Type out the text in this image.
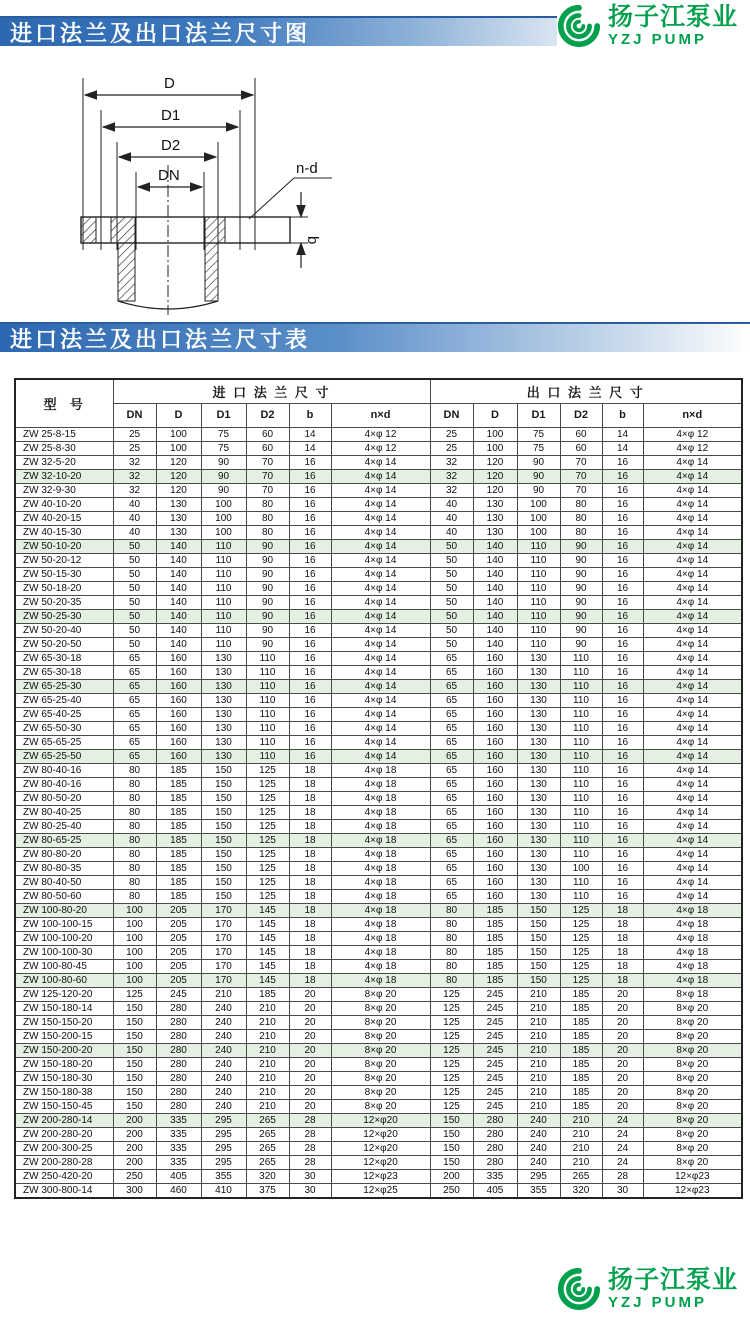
进口法兰及出口法兰尺寸图
扬子江泵业
YZJ PUMP
D
D1
D2
DN	n-d
b
进口法兰及出口法兰尺寸表
型  号	进 口 法 兰 尺 寸						出 口 法 兰 尺 寸					
	DN	D	D1	D2	b	n×d	DN	D	D1	D2	b	n×d
ZW 25-8-15	25	100	75	60	14	4×φ 12	25	100	75	60	14	4×φ 12
ZW 25-8-30	25	100	75	60	14	4×φ 12	25	100	75	60	14	4×φ 12
ZW 32-5-20	32	120	90	70	16	4×φ 14	32	120	90	70	16	4×φ 14
ZW 32-10-20	32	120	90	70	16	4×φ 14	32	120	90	70	16	4×φ 14
ZW 32-9-30	32	120	90	70	16	4×φ 14	32	120	90	70	16	4×φ 14
ZW 40-10-20	40	130	100	80	16	4×φ 14	40	130	100	80	16	4×φ 14
ZW 40-20-15	40	130	100	80	16	4×φ 14	40	130	100	80	16	4×φ 14
ZW 40-15-30	40	130	100	80	16	4×φ 14	40	130	100	80	16	4×φ 14
ZW 50-10-20	50	140	110	90	16	4×φ 14	50	140	110	90	16	4×φ 14
ZW 50-20-12	50	140	110	90	16	4×φ 14	50	140	110	90	16	4×φ 14
ZW 50-15-30	50	140	110	90	16	4×φ 14	50	140	110	90	16	4×φ 14
ZW 50-18-20	50	140	110	90	16	4×φ 14	50	140	110	90	16	4×φ 14
ZW 50-20-35	50	140	110	90	16	4×φ 14	50	140	110	90	16	4×φ 14
ZW 50-25-30	50	140	110	90	16	4×φ 14	50	140	110	90	16	4×φ 14
ZW 50-20-40	50	140	110	90	16	4×φ 14	50	140	110	90	16	4×φ 14
ZW 50-20-50	50	140	110	90	16	4×φ 14	50	140	110	90	16	4×φ 14
ZW 65-30-18	65	160	130	110	16	4×φ 14	65	160	130	110	16	4×φ 14
ZW 65-30-18	65	160	130	110	16	4×φ 14	65	160	130	110	16	4×φ 14
ZW 65-25-30	65	160	130	110	16	4×φ 14	65	160	130	110	16	4×φ 14
ZW 65-25-40	65	160	130	110	16	4×φ 14	65	160	130	110	16	4×φ 14
ZW 65-40-25	65	160	130	110	16	4×φ 14	65	160	130	110	16	4×φ 14
ZW 65-50-30	65	160	130	110	16	4×φ 14	65	160	130	110	16	4×φ 14
ZW 65-65-25	65	160	130	110	16	4×φ 14	65	160	130	110	16	4×φ 14
ZW 65-25-50	65	160	130	110	16	4×φ 14	65	160	130	110	16	4×φ 14
ZW 80-40-16	80	185	150	125	18	4×φ 18	65	160	130	110	16	4×φ 14
ZW 80-40-16	80	185	150	125	18	4×φ 18	65	160	130	110	16	4×φ 14
ZW 80-50-20	80	185	150	125	18	4×φ 18	65	160	130	110	16	4×φ 14
ZW 80-40-25	80	185	150	125	18	4×φ 18	65	160	130	110	16	4×φ 14
ZW 80-25-40	80	185	150	125	18	4×φ 18	65	160	130	110	16	4×φ 14
ZW 80-65-25	80	185	150	125	18	4×φ 18	65	160	130	110	16	4×φ 14
ZW 80-80-20	80	185	150	125	18	4×φ 18	65	160	130	110	16	4×φ 14
ZW 80-80-35	80	185	150	125	18	4×φ 18	65	160	130	100	16	4×φ 14
ZW 80-40-50	80	185	150	125	18	4×φ 18	65	160	130	110	16	4×φ 14
ZW 80-50-60	80	185	150	125	18	4×φ 18	65	160	130	110	16	4×φ 14
ZW 100-80-20	100	205	170	145	18	4×φ 18	80	185	150	125	18	4×φ 18
ZW 100-100-15	100	205	170	145	18	4×φ 18	80	185	150	125	18	4×φ 18
ZW 100-100-20	100	205	170	145	18	4×φ 18	80	185	150	125	18	4×φ 18
ZW 100-100-30	100	205	170	145	18	4×φ 18	80	185	150	125	18	4×φ 18
ZW 100-80-45	100	205	170	145	18	4×φ 18	80	185	150	125	18	4×φ 18
ZW 100-80-60	100	205	170	145	18	4×φ 18	80	185	150	125	18	4×φ 18
ZW 125-120-20	125	245	210	185	20	8×φ 20	125	245	210	185	20	8×φ 18
ZW 150-180-14	150	280	240	210	20	8×φ 20	125	245	210	185	20	8×φ 20
ZW 150-150-20	150	280	240	210	20	8×φ 20	125	245	210	185	20	8×φ 20
ZW 150-200-15	150	280	240	210	20	8×φ 20	125	245	210	185	20	8×φ 20
ZW 150-200-20	150	280	240	210	20	8×φ 20	125	245	210	185	20	8×φ 20
ZW 150-180-20	150	280	240	210	20	8×φ 20	125	245	210	185	20	8×φ 20
ZW 150-180-30	150	280	240	210	20	8×φ 20	125	245	210	185	20	8×φ 20
ZW 150-180-38	150	280	240	210	20	8×φ 20	125	245	210	185	20	8×φ 20
ZW 150-150-45	150	280	240	210	20	8×φ 20	125	245	210	185	20	8×φ 20
ZW 200-280-14	200	335	295	265	28	12×φ20	150	280	240	210	24	8×φ 20
ZW 200-280-20	200	335	295	265	28	12×φ20	150	280	240	210	24	8×φ 20
ZW 200-300-25	200	335	295	265	28	12×φ20	150	280	240	210	24	8×φ 20
ZW 200-280-28	200	335	295	265	28	12×φ20	150	280	240	210	24	8×φ 20
ZW 250-420-20	250	405	355	320	30	12×φ23	200	335	295	265	28	12×φ23
ZW 300-800-14	300	460	410	375	30	12×φ25	250	405	355	320	30	12×φ23
扬子江泵业
YZJ PUMP
